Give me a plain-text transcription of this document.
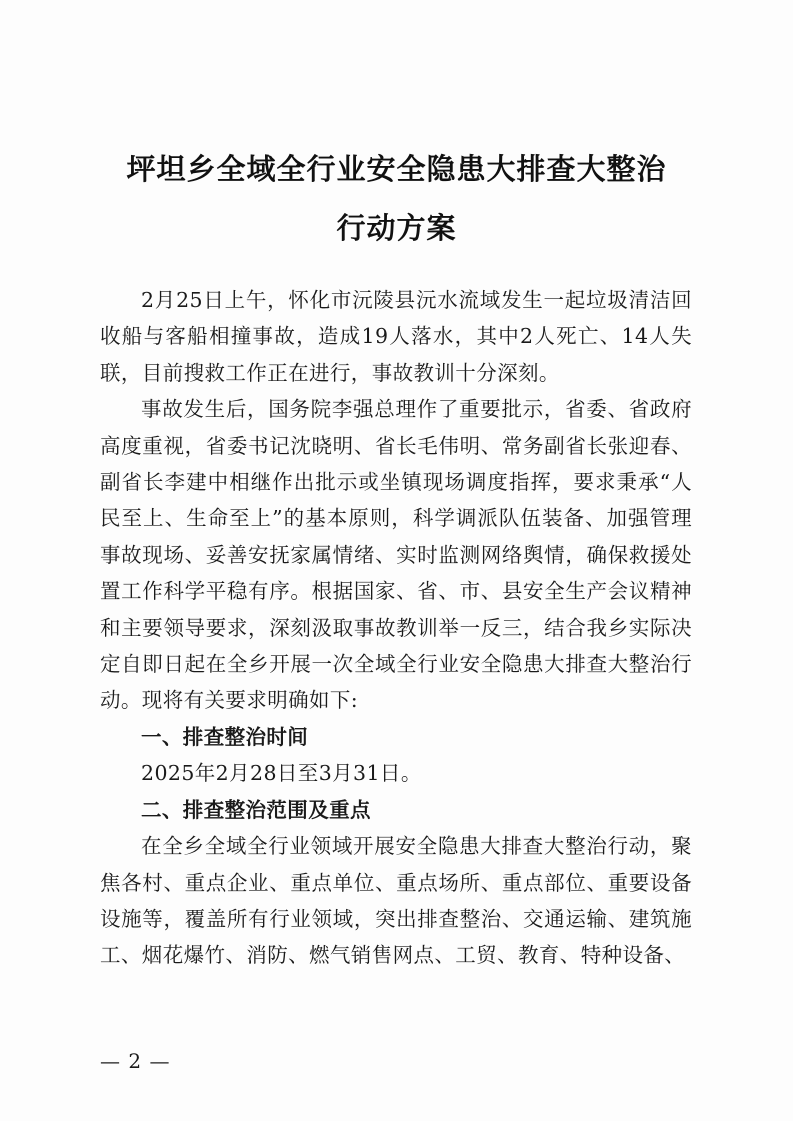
坪坦乡全域全行业安全隐患大排查大整治
行动方案

2月25日上午，怀化市沅陵县沅水流域发生一起垃圾清洁回收船与客船相撞事故，造成19人落水，其中2人死亡、14人失联，目前搜救工作正在进行，事故教训十分深刻。

事故发生后，国务院李强总理作了重要批示，省委、省政府高度重视，省委书记沈晓明、省长毛伟明、常务副省长张迎春、副省长李建中相继作出批示或坐镇现场调度指挥，要求秉承“人民至上、生命至上”的基本原则，科学调派队伍装备、加强管理事故现场、妥善安抚家属情绪、实时监测网络舆情，确保救援处置工作科学平稳有序。根据国家、省、市、县安全生产会议精神和主要领导要求，深刻汲取事故教训举一反三，结合我乡实际决定自即日起在全乡开展一次全域全行业安全隐患大排查大整治行动。现将有关要求明确如下:

一、排查整治时间

2025年2月28日至3月31日。

二、排查整治范围及重点

在全乡全域全行业领域开展安全隐患大排查大整治行动，聚焦各村、重点企业、重点单位、重点场所、重点部位、重要设备设施等，覆盖所有行业领域，突出排查整治、交通运输、建筑施工、烟花爆竹、消防、燃气销售网点、工贸、教育、特种设备、

— 2 —
